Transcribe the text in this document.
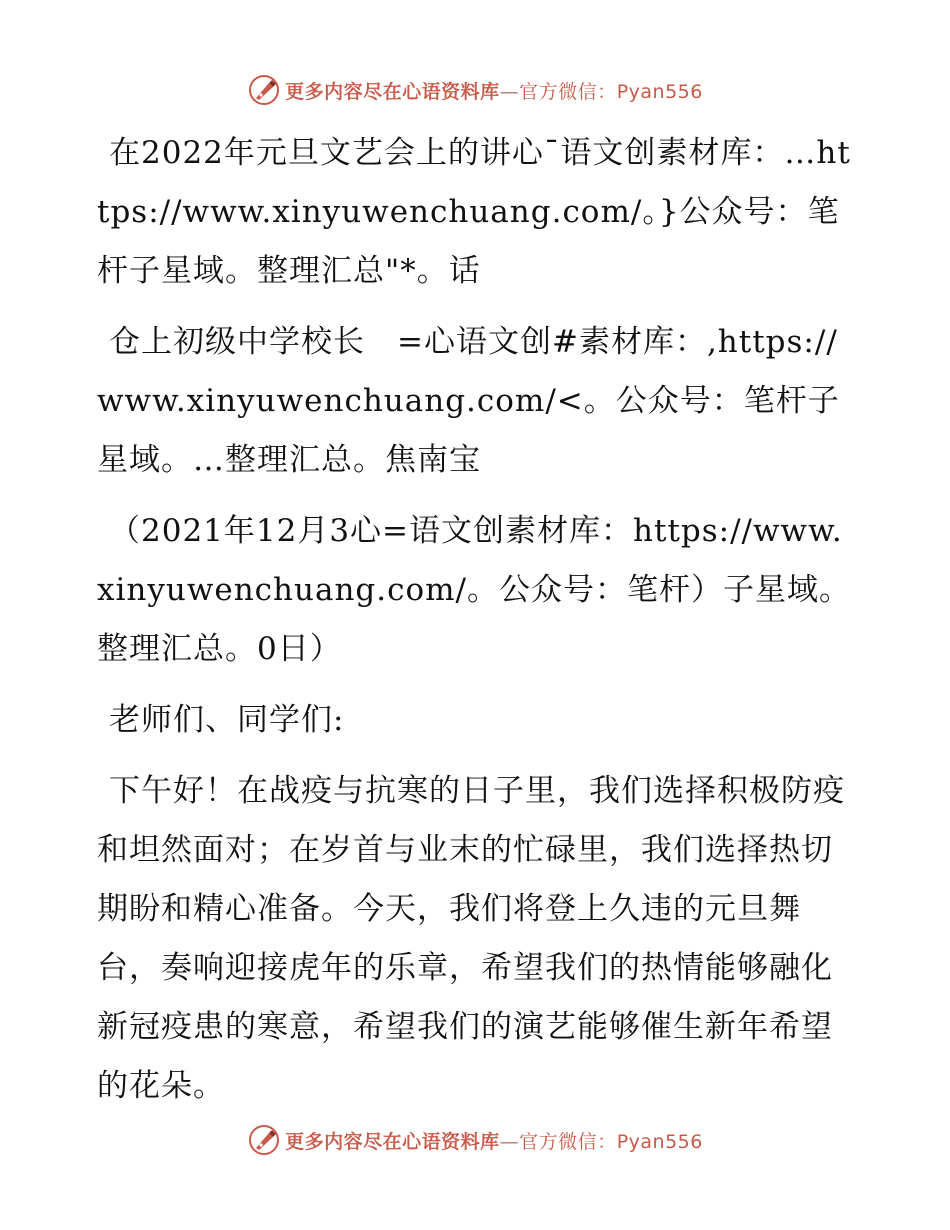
更多内容尽在心语资料库—官方微信：Pyan556

在2022年元旦文艺会上的讲心¯语文创素材库：…https://www.xinyuwenchuang.com/。}公众号：笔杆子星域。整理汇总"*。话

仓上初级中学校长　=心语文创#素材库：,https://www.xinyuwenchuang.com/<。公众号：笔杆子星域。…整理汇总。焦南宝

（2021年12月3心=语文创素材库：https://www.xinyuwenchuang.com/。公众号：笔杆）子星域。整理汇总。0日）

老师们、同学们:

下午好！在战疫与抗寒的日子里，我们选择积极防疫和坦然面对；在岁首与业末的忙碌里，我们选择热切期盼和精心准备。今天，我们将登上久违的元旦舞台，奏响迎接虎年的乐章，希望我们的热情能够融化新冠疫患的寒意，希望我们的演艺能够催生新年希望的花朵。

更多内容尽在心语资料库—官方微信：Pyan556
